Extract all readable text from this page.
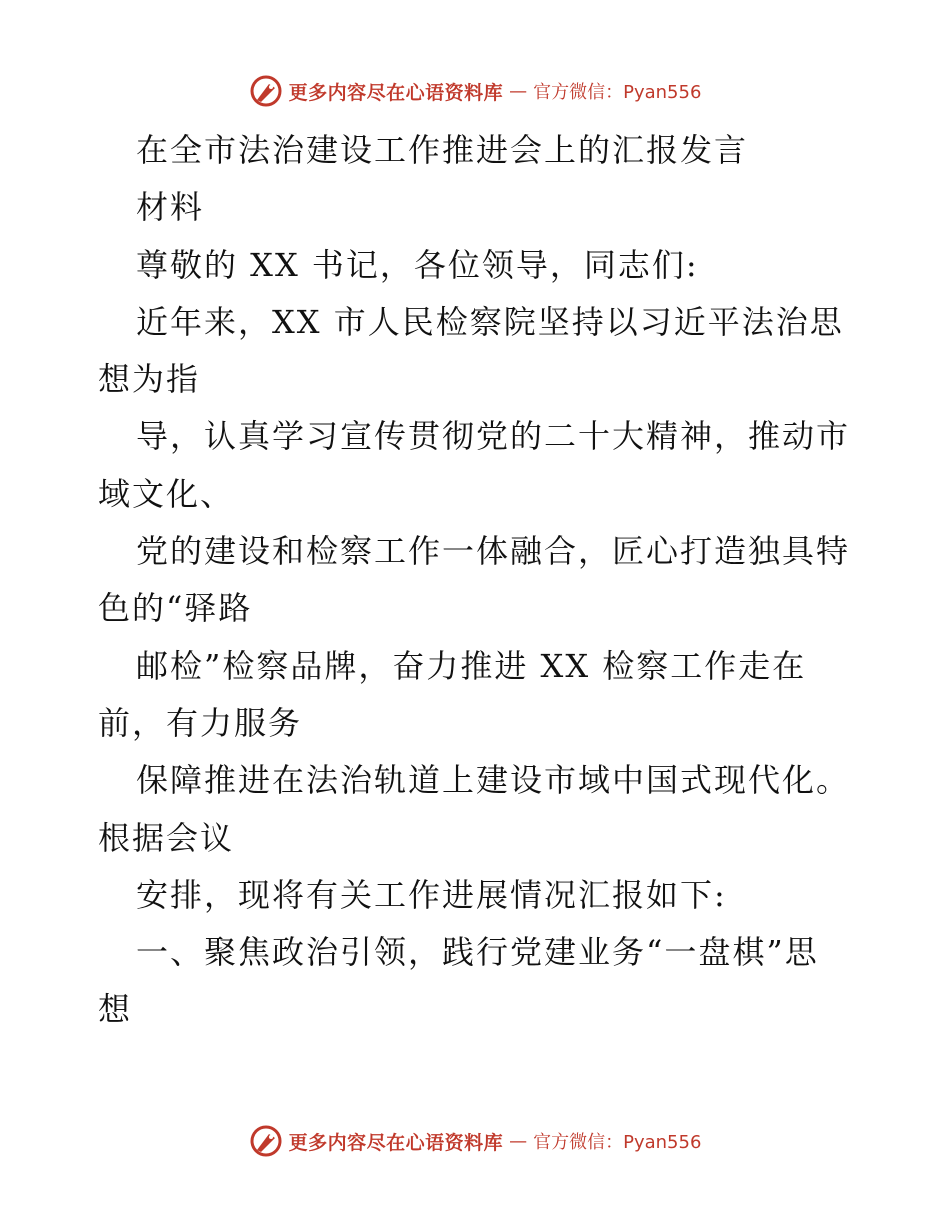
更多内容尽在心语资料库 — 官方微信：Pyan556
在全市法治建设工作推进会上的汇报发言
材料
尊敬的 XX 书记，各位领导，同志们:
近年来，XX 市人民检察院坚持以习近平法治思
想为指
导，认真学习宣传贯彻党的二十大精神，推动市
域文化、
党的建设和检察工作一体融合，匠心打造独具特
色的“驿路
邮检”检察品牌，奋力推进 XX 检察工作走在
前，有力服务
保障推进在法治轨道上建设市域中国式现代化。
根据会议
安排，现将有关工作进展情况汇报如下:
一、聚焦政治引领，践行党建业务“一盘棋”思
想
更多内容尽在心语资料库 — 官方微信：Pyan556
